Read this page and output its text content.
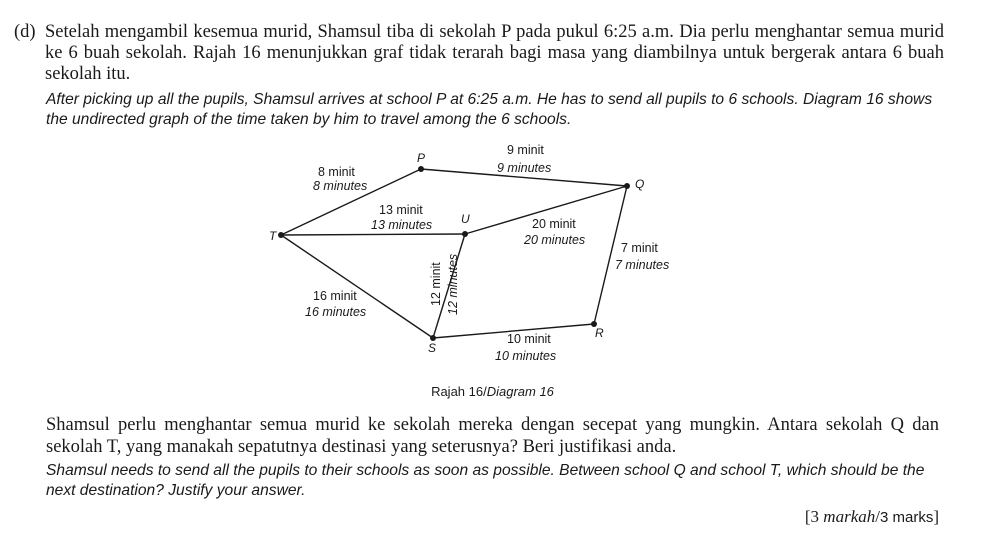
(d) Setelah mengambil kesemua murid, Shamsul tiba di sekolah P pada pukul 6:25 a.m. Dia perlu menghantar semua murid ke 6 buah sekolah. Rajah 16 menunjukkan graf tidak terarah bagi masa yang diambilnya untuk bergerak antara 6 buah sekolah itu.
After picking up all the pupils, Shamsul arrives at school P at 6:25 a.m. He has to send all pupils to 6 schools. Diagram 16 shows the undirected graph of the time taken by him to travel among the 6 schools.
P
Q
T
U
S
R
8 minit
8 minutes
9 minit
9 minutes
13 minit
13 minutes	20 minit
20 minutes
7 minit
7 minutes
16 minit
16 minutes
12 minit 12 minutes
10 minit
10 minutes
Rajah 16/Diagram 16
Shamsul perlu menghantar semua murid ke sekolah mereka dengan secepat yang mungkin. Antara sekolah Q dan sekolah T, yang manakah sepatutnya destinasi yang seterusnya? Beri justifikasi anda.
Shamsul needs to send all the pupils to their schools as soon as possible. Between school Q and school T, which should be the next destination? Justify your answer.
[3 markah/3 marks]
